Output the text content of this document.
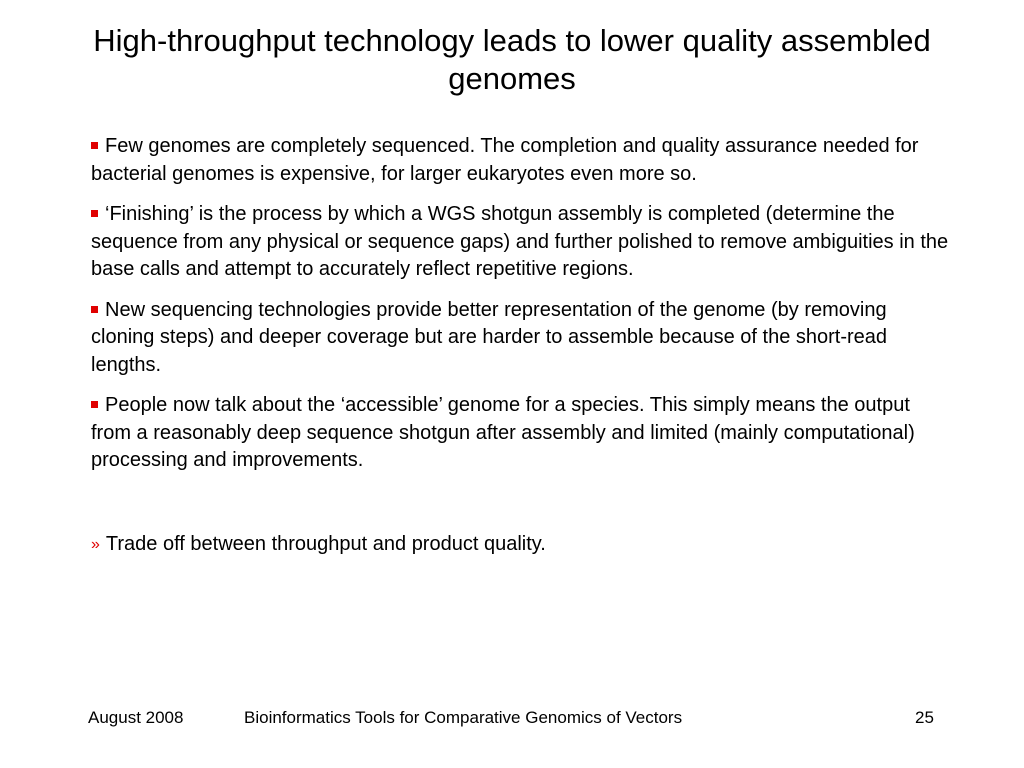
High-throughput technology leads to lower quality assembled genomes

Few genomes are completely sequenced. The completion and quality assurance needed for bacterial genomes is expensive, for larger eukaryotes even more so.

‘Finishing’ is the process by which a WGS shotgun assembly is completed (determine the sequence from any physical or sequence gaps) and further polished to remove ambiguities in the base calls and attempt to accurately reflect repetitive regions.

New sequencing technologies provide better representation of the genome (by removing cloning steps) and deeper coverage but are harder to assemble because of the short-read lengths.

People now talk about the ‘accessible’ genome for a species. This simply means the output from a reasonably deep sequence shotgun after assembly and limited (mainly computational) processing and improvements.

» Trade off between throughput and product quality.

August 2008	Bioinformatics Tools for Comparative Genomics of Vectors	25
